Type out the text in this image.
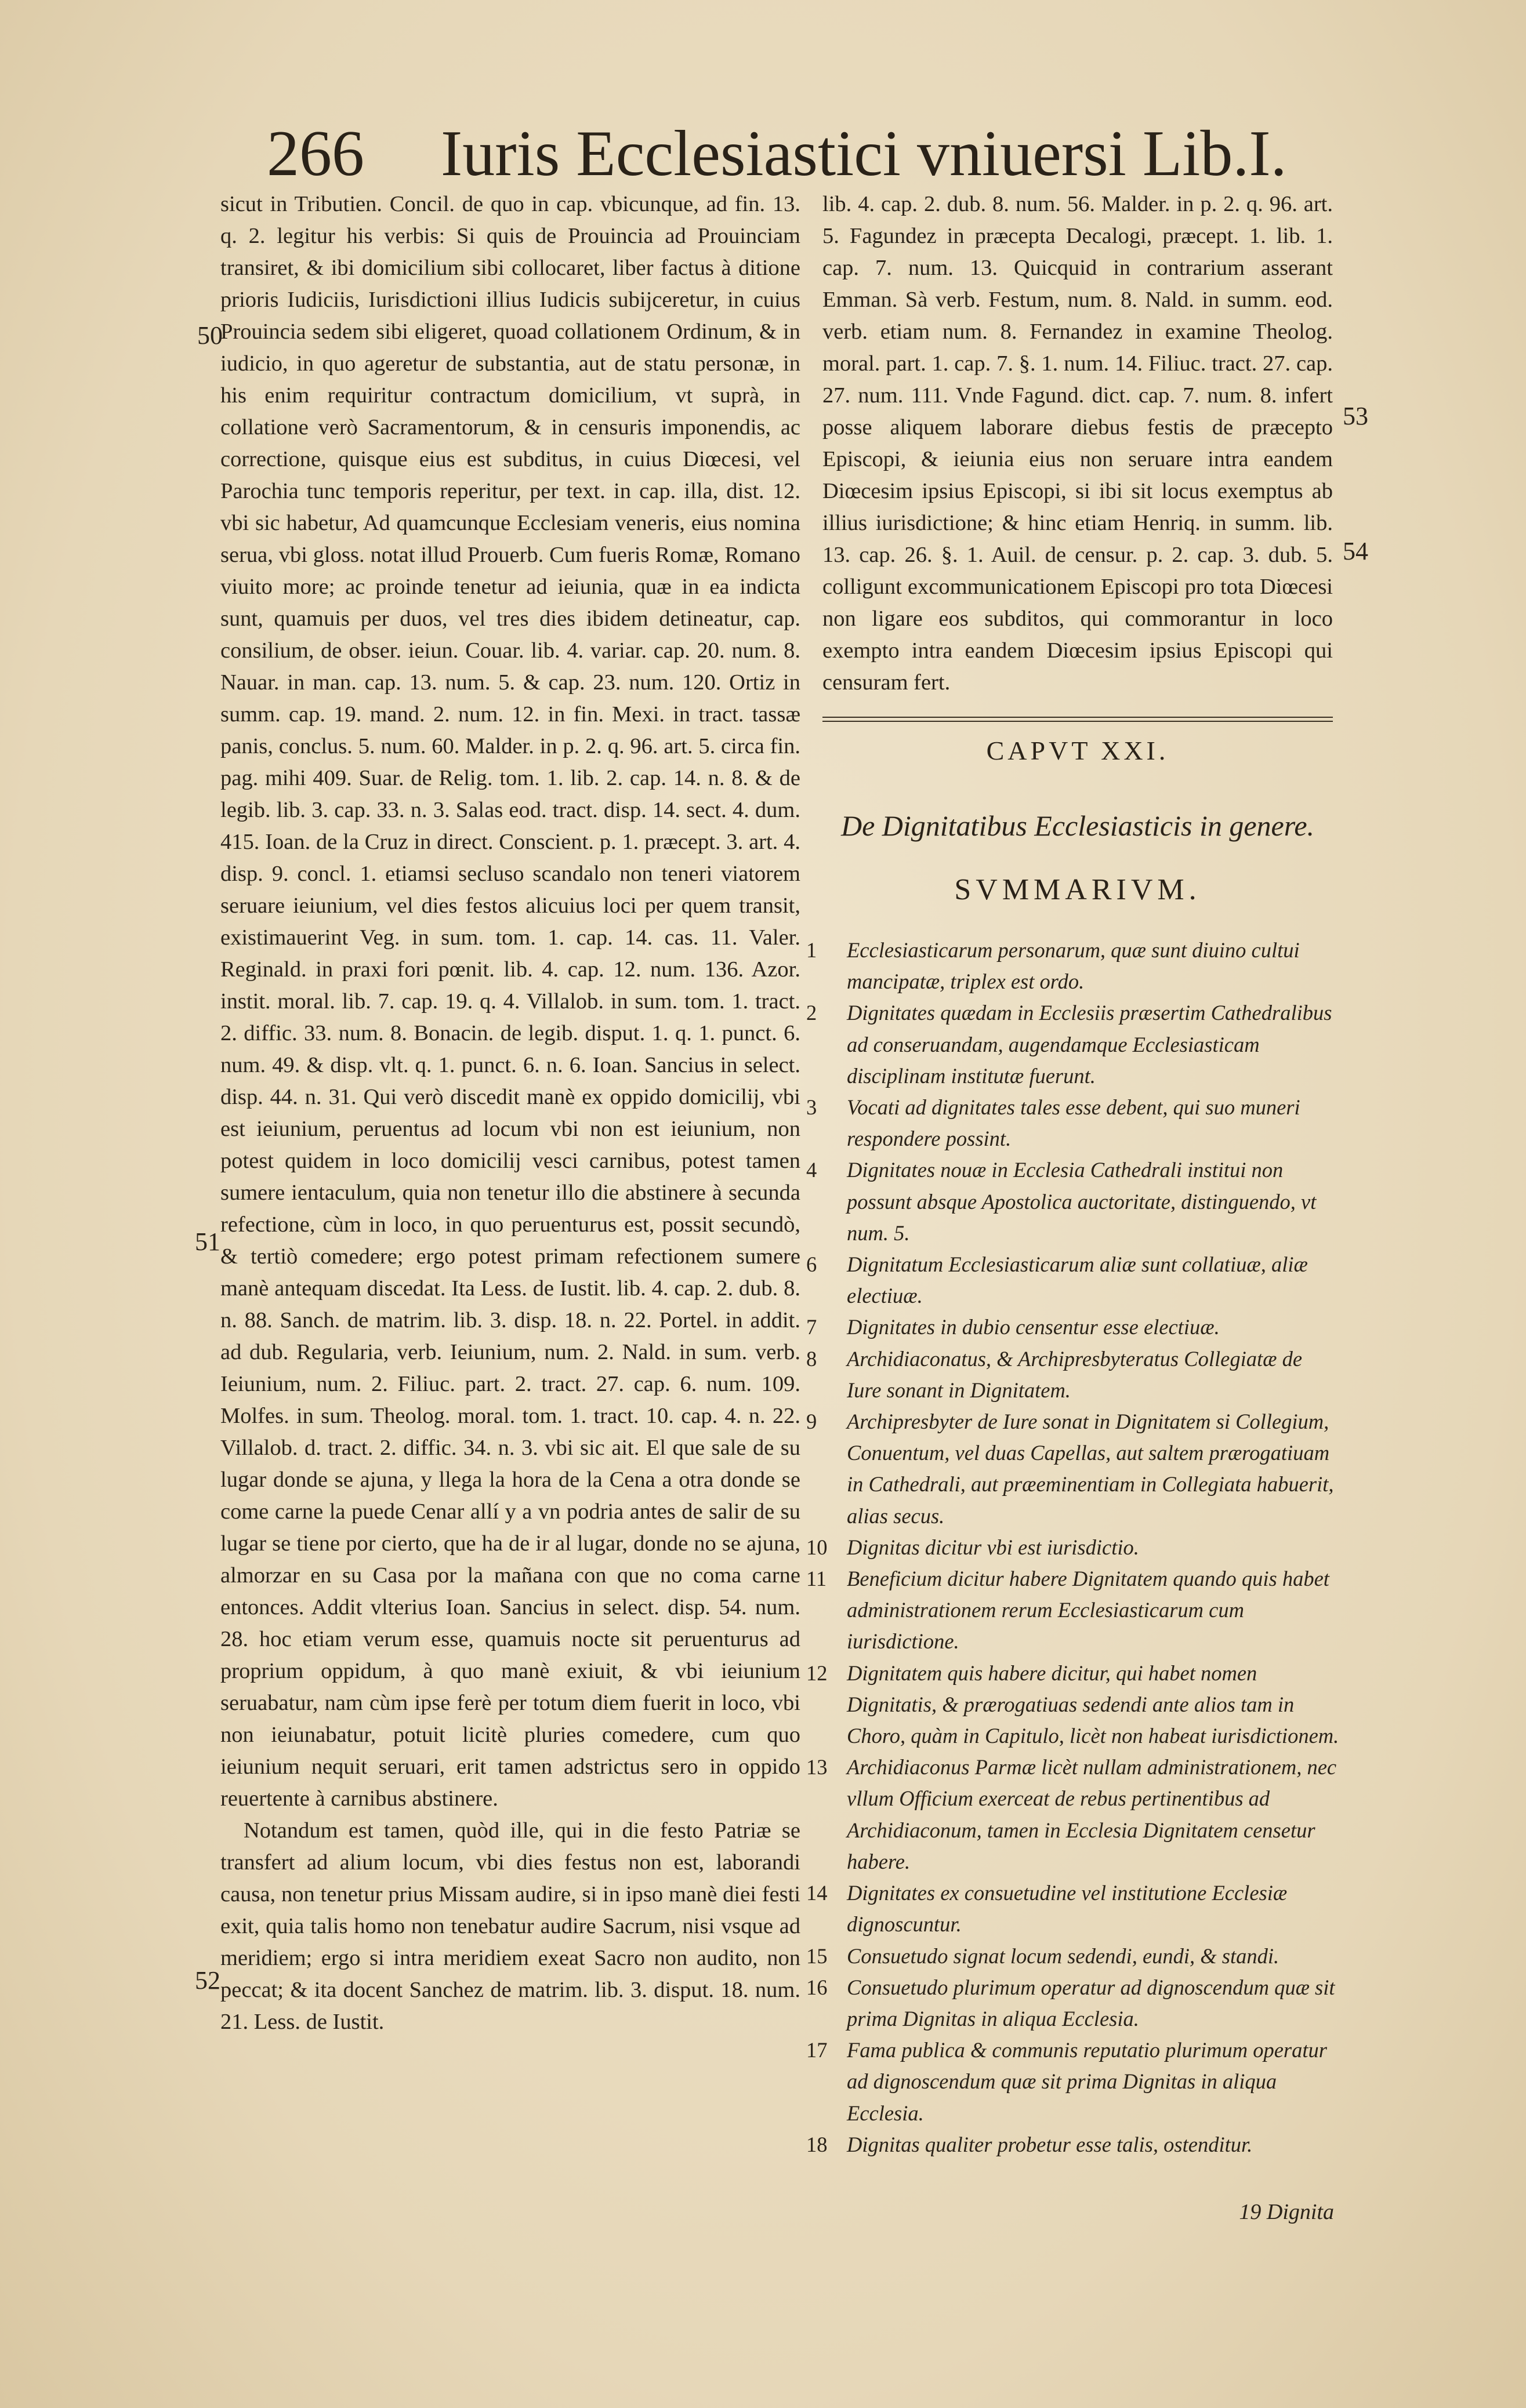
266 Iuris Ecclesiastici vniuersi Lib.I.

sicut in Tributien. Concil. de quo in cap. vbicunque, ad fin. 13. q. 2. legitur his verbis: Si quis de Prouincia ad Prouinciam transiret, & ibi domicilium sibi collocaret, liber factus à ditione prioris Iudiciis, Iurisdictioni illius Iudicis subijceretur, in cuius Prouincia sedem sibi eligeret, quoad collationem Ordinum, & in iudicio, in quo ageretur de substantia, aut de statu personæ, in his enim requiritur contractum domicilium, vt suprà, in collatione verò Sacramentorum, & in censuris imponendis, ac correctione, quisque eius est subditus, in cuius Diœcesi, vel Parochia tunc temporis reperitur, per text. in cap. illa, dist. 12. vbi sic habetur, Ad quamcunque Ecclesiam veneris, eius nomina serua, vbi gloss. notat illud Prouerb. Cum fueris Romæ, Romano viuito more; ac proinde tenetur ad ieiunia, quæ in ea indicta sunt, quamuis per duos, vel tres dies ibidem detineatur, cap. consilium, de obser. ieiun. Couar. lib. 4. variar. cap. 20. num. 8. Nauar. in man. cap. 13. num. 5. & cap. 23. num. 120. Ortiz in summ. cap. 19. mand. 2. num. 12. in fin. Mexi. in tract. tassæ panis, conclus. 5. num. 60. Malder. in p. 2. q. 96. art. 5. circa fin. pag. mihi 409. Suar. de Relig. tom. 1. lib. 2. cap. 14. n. 8. & de legib. lib. 3. cap. 33. n. 3. Salas eod. tract. disp. 14. sect. 4. dum. 415. Ioan. de la Cruz in direct. Conscient. p. 1. præcept. 3. art. 4. disp. 9. concl. 1. etiamsi secluso scandalo non teneri viatorem seruare ieiunium, vel dies festos alicuius loci per quem transit, existimauerint Veg. in sum. tom. 1. cap. 14. cas. 11. Valer. Reginald. in praxi fori pœnit. lib. 4. cap. 12. num. 136. Azor. instit. moral. lib. 7. cap. 19. q. 4. Villalob. in sum. tom. 1. tract. 2. diffic. 33. num. 8. Bonacin. de legib. disput. 1. q. 1. punct. 6. num. 49. & disp. vlt. q. 1. punct. 6. n. 6. Ioan. Sancius in select. disp. 44. n. 31. Qui verò discedit manè ex oppido domicilij, vbi est ieiunium, peruentus ad locum vbi non est ieiunium, non potest quidem in loco domicilij vesci carnibus, potest tamen sumere ientaculum, quia non tenetur illo die abstinere à secunda refectione, cùm in loco, in quo peruenturus est, possit secundò, & tertiò comedere; ergo potest primam refectionem sumere manè antequam discedat. Ita Less. de Iustit. lib. 4. cap. 2. dub. 8. n. 88. Sanch. de matrim. lib. 3. disp. 18. n. 22. Portel. in addit. ad dub. Regularia, verb. Ieiunium, num. 2. Nald. in sum. verb. Ieiunium, num. 2. Filiuc. part. 2. tract. 27. cap. 6. num. 109. Molfes. in sum. Theolog. moral. tom. 1. tract. 10. cap. 4. n. 22. Villalob. d. tract. 2. diffic. 34. n. 3. vbi sic ait. El que sale de su lugar donde se ajuna, y llega la hora de la Cena a otra donde se come carne la puede Cenar allí y a vn podria antes de salir de su lugar se tiene por cierto, que ha de ir al lugar, donde no se ajuna, almorzar en su Casa por la mañana con que no coma carne entonces. Addit vlterius Ioan. Sancius in select. disp. 54. num. 28. hoc etiam verum esse, quamuis nocte sit peruenturus ad proprium oppidum, à quo manè exiuit, & vbi ieiunium seruabatur, nam cùm ipse ferè per totum diem fuerit in loco, vbi non ieiunabatur, potuit licitè pluries comedere, cum quo ieiunium nequit seruari, erit tamen adstrictus sero in oppido reuertente à carnibus abstinere.

Notandum est tamen, quòd ille, qui in die festo Patriæ se transfert ad alium locum, vbi dies festus non est, laborandi causa, non tenetur prius Missam audire, si in ipso manè diei festi exit, quia talis homo non tenebatur audire Sacrum, nisi vsque ad meridiem; ergo si intra meridiem exeat Sacro non audito, non peccat; & ita docent Sanchez de matrim. lib. 3. disput. 18. num. 21. Less. de Iustit.

50
51
52
53
54

lib. 4. cap. 2. dub. 8. num. 56. Malder. in p. 2. q. 96. art. 5. Fagundez in præcepta Decalogi, præcept. 1. lib. 1. cap. 7. num. 13. Quicquid in contrarium asserant Emman. Sà verb. Festum, num. 8. Nald. in summ. eod. verb. etiam num. 8. Fernandez in examine Theolog. moral. part. 1. cap. 7. §. 1. num. 14. Filiuc. tract. 27. cap. 27. num. 111. Vnde Fagund. dict. cap. 7. num. 8. infert posse aliquem laborare diebus festis de præcepto Episcopi, & ieiunia eius non seruare intra eandem Diœcesim ipsius Episcopi, si ibi sit locus exemptus ab illius iurisdictione; & hinc etiam Henriq. in summ. lib. 13. cap. 26. §. 1. Auil. de censur. p. 2. cap. 3. dub. 5. colligunt excommunicationem Episcopi pro tota Diœcesi non ligare eos subditos, qui commorantur in loco exempto intra eandem Diœcesim ipsius Episcopi qui censuram fert.

CAPVT XXI.
De Dignitatibus Ecclesiasticis in genere.
SVMMARIVM.

1	Ecclesiasticarum personarum, quæ sunt diuino cultui mancipatæ, triplex est ordo.

2	Dignitates quædam in Ecclesiis præsertim Cathedralibus ad conseruandam, augendamque Ecclesiasticam disciplinam institutæ fuerunt.

3	Vocati ad dignitates tales esse debent, qui suo muneri respondere possint.

4	Dignitates nouæ in Ecclesia Cathedrali institui non possunt absque Apostolica auctoritate, distinguendo, vt num. 5.

6	Dignitatum Ecclesiasticarum aliæ sunt collatiuæ, aliæ electiuæ.

7	Dignitates in dubio censentur esse electiuæ.

8	Archidiaconatus, & Archipresbyteratus Collegiatæ de Iure sonant in Dignitatem.

9	Archipresbyter de Iure sonat in Dignitatem si Collegium, Conuentum, vel duas Capellas, aut saltem prærogatiuam in Cathedrali, aut præeminentiam in Collegiata habuerit, alias secus.

10 Dignitas dicitur vbi est iurisdictio.

11 Beneficium dicitur habere Dignitatem quando quis habet administrationem rerum Ecclesiasticarum cum iurisdictione.

12 Dignitatem quis habere dicitur, qui habet nomen Dignitatis, & prærogatiuas sedendi ante alios tam in Choro, quàm in Capitulo, licèt non habeat iurisdictionem.

13 Archidiaconus Parmæ licèt nullam administrationem, nec vllum Officium exerceat de rebus pertinentibus ad Archidiaconum, tamen in Ecclesia Dignitatem censetur habere.

14 Dignitates ex consuetudine vel institutione Ecclesiæ dignoscuntur.

15 Consuetudo signat locum sedendi, eundi, & standi.

16 Consuetudo plurimum operatur ad dignoscendum quæ sit prima Dignitas in aliqua Ecclesia.

17 Fama publica & communis reputatio plurimum operatur ad dignoscendum quæ sit prima Dignitas in aliqua Ecclesia.

18 Dignitas qualiter probetur esse talis, ostenditur.

19 Dignita
